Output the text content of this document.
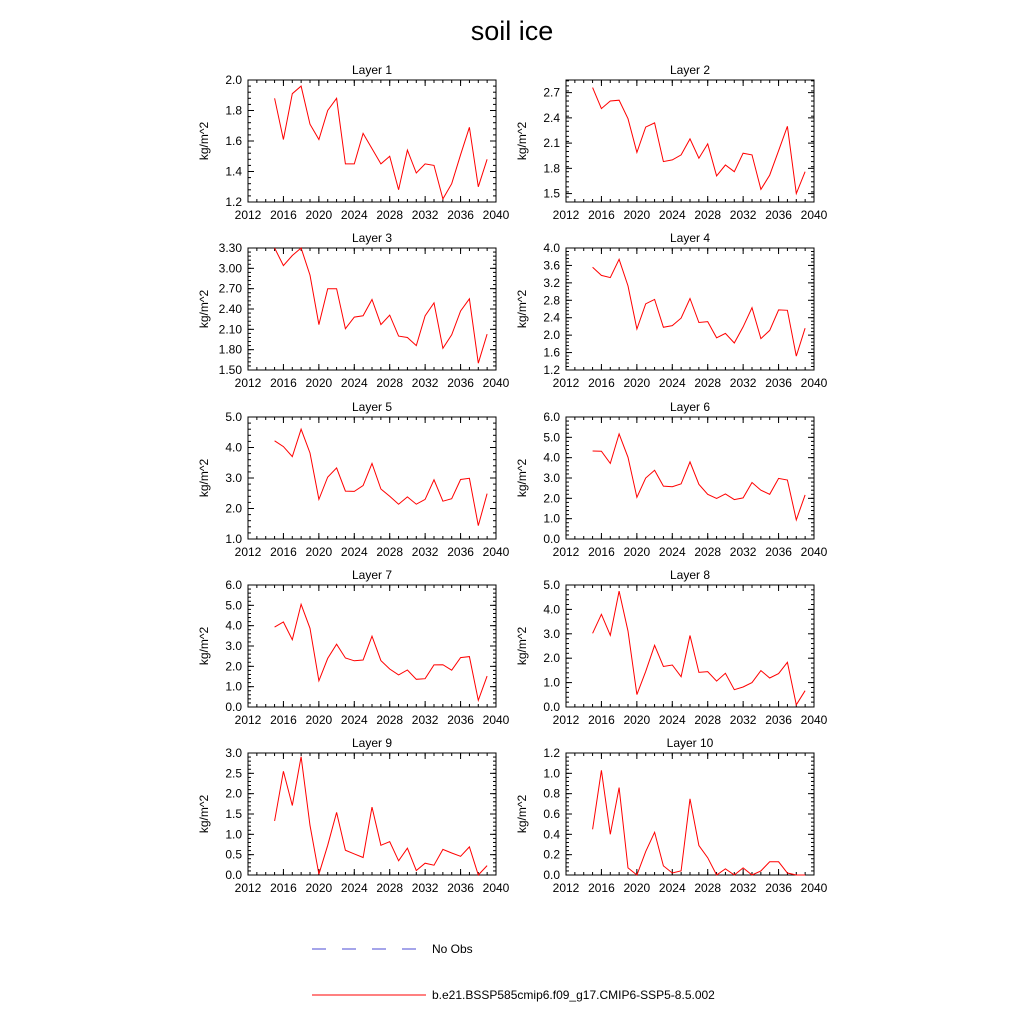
soil ice
Layer 1
2012 2016 2020 2024 2028 2032 2036 2040
1.2
1.4
1.6
1.8
2.0
kg/m^2
Layer 2
2012 2016 2020 2024 2028 2032 2036 2040
1.5
1.8
2.1
2.4
2.7
kg/m^2
Layer 3
2012 2016 2020 2024 2028 2032 2036 2040
1.50
1.80
2.10
2.40
2.70
3.00
3.30
kg/m^2
Layer 4
2012 2016 2020 2024 2028 2032 2036 2040
1.2
1.6
2.0
2.4
2.8
3.2
3.6
4.0
kg/m^2
Layer 5
2012 2016 2020 2024 2028 2032 2036 2040
1.0
2.0
3.0
4.0
5.0
kg/m^2
Layer 6
2012 2016 2020 2024 2028 2032 2036 2040
0.0
1.0
2.0
3.0
4.0
5.0
6.0
kg/m^2
Layer 7
2012 2016 2020 2024 2028 2032 2036 2040
0.0
1.0
2.0
3.0
4.0
5.0
6.0
kg/m^2
Layer 8
2012 2016 2020 2024 2028 2032 2036 2040
0.0
1.0
2.0
3.0
4.0
5.0
kg/m^2
Layer 9
2012 2016 2020 2024 2028 2032 2036 2040
0.0
0.5
1.0
1.5
2.0
2.5
3.0
kg/m^2
Layer 10
2012 2016 2020 2024 2028 2032 2036 2040
0.0
0.2
0.4
0.6
0.8
1.0
1.2
kg/m^2
No Obs
b.e21.BSSP585cmip6.f09_g17.CMIP6-SSP5-8.5.002
